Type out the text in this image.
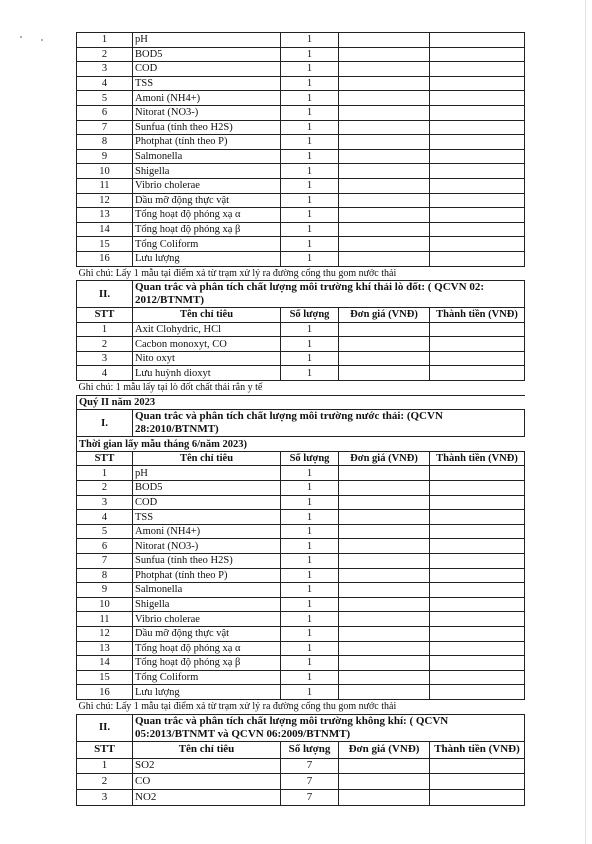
1	pH	1		
2	BOD5	1		
3	COD	1		
4	TSS	1		
5	Amoni (NH4+)	1		
6	Nitorat (NO3-)	1		
7	Sunfua (tính theo H2S)	1		
8	Photphat (tính theo P)	1		
9	Salmonella	1		
10	Shigella	1		
11	Vibrio cholerae	1		
12	Dầu mỡ động thực vật	1		
13	Tổng hoạt độ phóng xạ α	1		
14	Tổng hoạt độ phóng xạ β	1		
15	Tổng Coliform	1		
16	Lưu lượng	1		
Ghi chú: Lấy 1 mẫu tại điểm xả từ trạm xử lý ra đường cống thu gom nước thải				
II.	Quan trắc và phân tích chất lượng môi trường khí thải lò đốt: ( QCVN 02: 2012/BTNMT)			
STT	Tên chỉ tiêu	Số lượng	Đơn giá (VNĐ)	Thành tiền (VNĐ)
1	Axit Clohydric, HCl	1		
2	Cacbon monoxyt, CO	1		
3	Nito oxyt	1		
4	Lưu huỳnh dioxyt	1		
Ghi chú: 1 mẫu lấy tại lò đốt chất thải rắn y tế				
Quý II năm 2023				
I.	Quan trắc và phân tích chất lượng môi trường nước thải: (QCVN 28:2010/BTNMT)			
Thời gian lấy mẫu tháng 6/năm 2023)				
STT	Tên chỉ tiêu	Số lượng	Đơn giá (VNĐ)	Thành tiền (VNĐ)
1	pH	1		
2	BOD5	1		
3	COD	1		
4	TSS	1		
5	Amoni (NH4+)	1		
6	Nitorat (NO3-)	1		
7	Sunfua (tính theo H2S)	1		
8	Photphat (tính theo P)	1		
9	Salmonella	1		
10	Shigella	1		
11	Vibrio cholerae	1		
12	Dầu mỡ động thực vật	1		
13	Tổng hoạt độ phóng xạ α	1		
14	Tổng hoạt độ phóng xạ β	1		
15	Tổng Coliform	1		
16	Lưu lượng	1		
Ghi chú: Lấy 1 mẫu tại điểm xả từ trạm xử lý ra đường cống thu gom nước thải				
II.	Quan trắc và phân tích chất lượng môi trường không khí: ( QCVN 05:2013/BTNMT và QCVN 06:2009/BTNMT)			
STT	Tên chỉ tiêu	Số lượng	Đơn giá (VNĐ)	Thành tiền (VNĐ)
1	SO2	7		
2	CO	7		
3	NO2	7		
